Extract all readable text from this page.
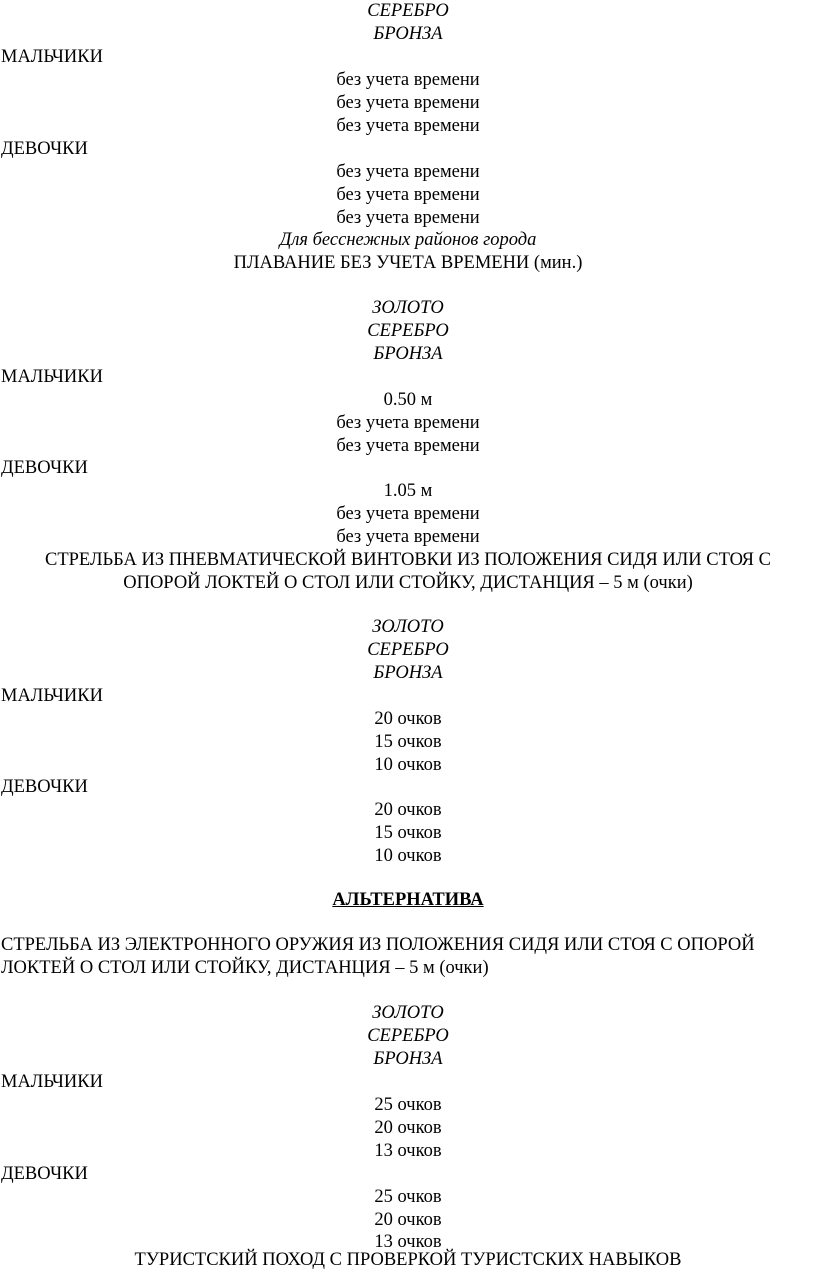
СЕРЕБРО
БРОНЗА
МАЛЬЧИКИ
без учета времени
без учета времени
без учета времени
ДЕВОЧКИ
без учета времени
без учета времени
без учета времени
Для бесснежных районов города
ПЛАВАНИЕ БЕЗ УЧЕТА ВРЕМЕНИ (мин.)
ЗОЛОТО
СЕРЕБРО
БРОНЗА
МАЛЬЧИКИ
0.50 м
без учета времени
без учета времени
ДЕВОЧКИ
1.05 м
без учета времени
без учета времени
СТРЕЛЬБА ИЗ ПНЕВМАТИЧЕСКОЙ ВИНТОВКИ ИЗ ПОЛОЖЕНИЯ СИДЯ ИЛИ СТОЯ С
ОПОРОЙ ЛОКТЕЙ О СТОЛ ИЛИ СТОЙКУ, ДИСТАНЦИЯ – 5 м (очки)
ЗОЛОТО
СЕРЕБРО
БРОНЗА
МАЛЬЧИКИ
20 очков
15 очков
10 очков
ДЕВОЧКИ
20 очков
15 очков
10 очков
АЛЬТЕРНАТИВА
СТРЕЛЬБА ИЗ ЭЛЕКТРОННОГО ОРУЖИЯ ИЗ ПОЛОЖЕНИЯ СИДЯ ИЛИ СТОЯ С ОПОРОЙ
ЛОКТЕЙ О СТОЛ ИЛИ СТОЙКУ, ДИСТАНЦИЯ – 5 м (очки)
ЗОЛОТО
СЕРЕБРО
БРОНЗА
МАЛЬЧИКИ
25 очков
20 очков
13 очков
ДЕВОЧКИ
25 очков
20 очков
13 очков
ТУРИСТСКИЙ ПОХОД С ПРОВЕРКОЙ ТУРИСТСКИХ НАВЫКОВ
